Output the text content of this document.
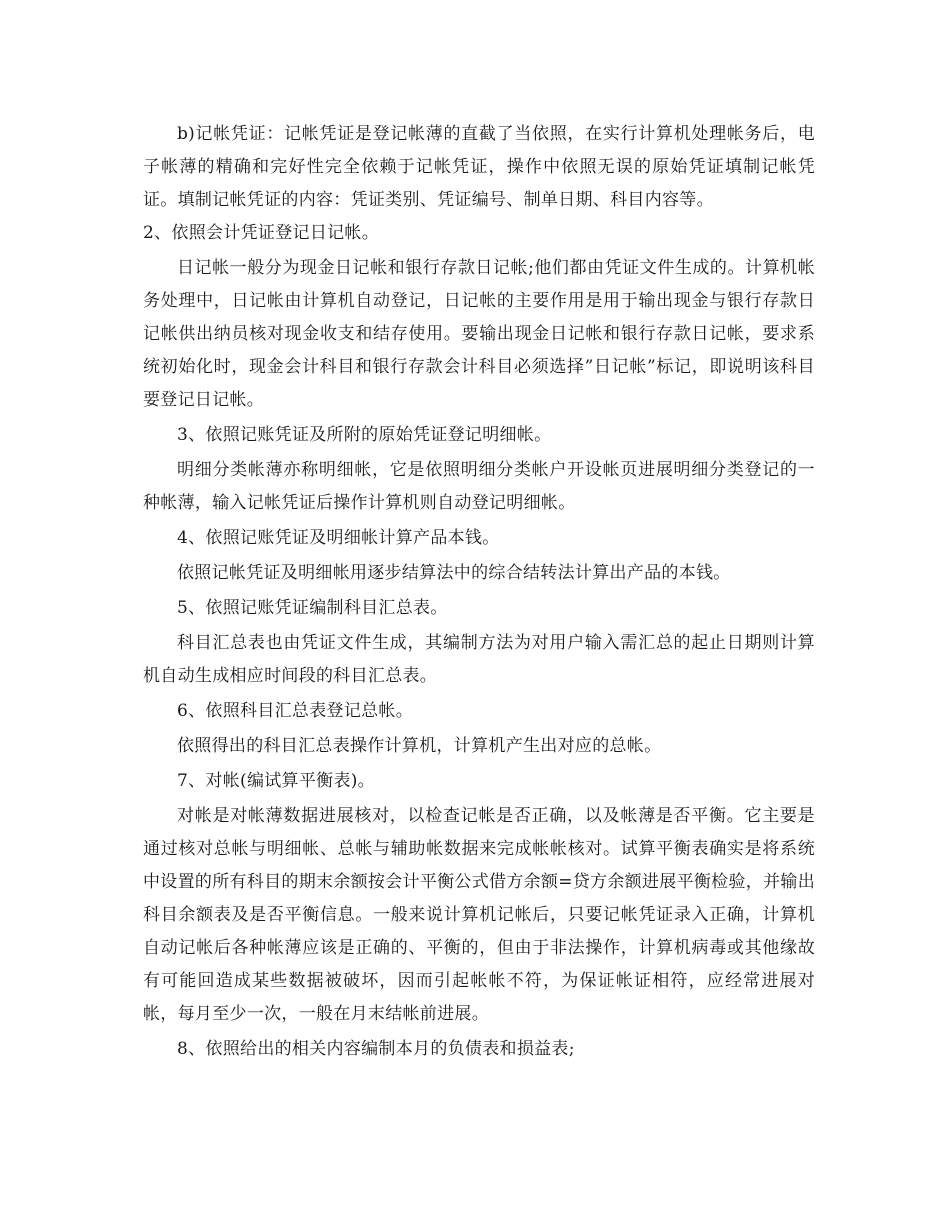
b)记帐凭证：记帐凭证是登记帐薄的直截了当依照，在实行计算机处理帐务后，电子帐薄的精确和完好性完全依赖于记帐凭证，操作中依照无误的原始凭证填制记帐凭证。填制记帐凭证的内容：凭证类别、凭证编号、制单日期、科目内容等。

2、依照会计凭证登记日记帐。

日记帐一般分为现金日记帐和银行存款日记帐;他们都由凭证文件生成的。计算机帐务处理中，日记帐由计算机自动登记，日记帐的主要作用是用于输出现金与银行存款日记帐供出纳员核对现金收支和结存使用。要输出现金日记帐和银行存款日记帐，要求系统初始化时，现金会计科目和银行存款会计科目必须选择”日记帐”标记，即说明该科目要登记日记帐。

3、依照记账凭证及所附的原始凭证登记明细帐。

明细分类帐薄亦称明细帐，它是依照明细分类帐户开设帐页进展明细分类登记的一种帐薄，输入记帐凭证后操作计算机则自动登记明细帐。

4、依照记账凭证及明细帐计算产品本钱。

依照记帐凭证及明细帐用逐步结算法中的综合结转法计算出产品的本钱。

5、依照记账凭证编制科目汇总表。

科目汇总表也由凭证文件生成，其编制方法为对用户输入需汇总的起止日期则计算机自动生成相应时间段的科目汇总表。

6、依照科目汇总表登记总帐。

依照得出的科目汇总表操作计算机，计算机产生出对应的总帐。

7、对帐(编试算平衡表)。

对帐是对帐薄数据进展核对，以检查记帐是否正确，以及帐薄是否平衡。它主要是通过核对总帐与明细帐、总帐与辅助帐数据来完成帐帐核对。试算平衡表确实是将系统中设置的所有科目的期末余额按会计平衡公式借方余额=贷方余额进展平衡检验，并输出科目余额表及是否平衡信息。一般来说计算机记帐后，只要记帐凭证录入正确，计算机自动记帐后各种帐薄应该是正确的、平衡的，但由于非法操作，计算机病毒或其他缘故有可能回造成某些数据被破坏，因而引起帐帐不符，为保证帐证相符，应经常进展对帐，每月至少一次，一般在月末结帐前进展。

8、依照给出的相关内容编制本月的负债表和损益表;
